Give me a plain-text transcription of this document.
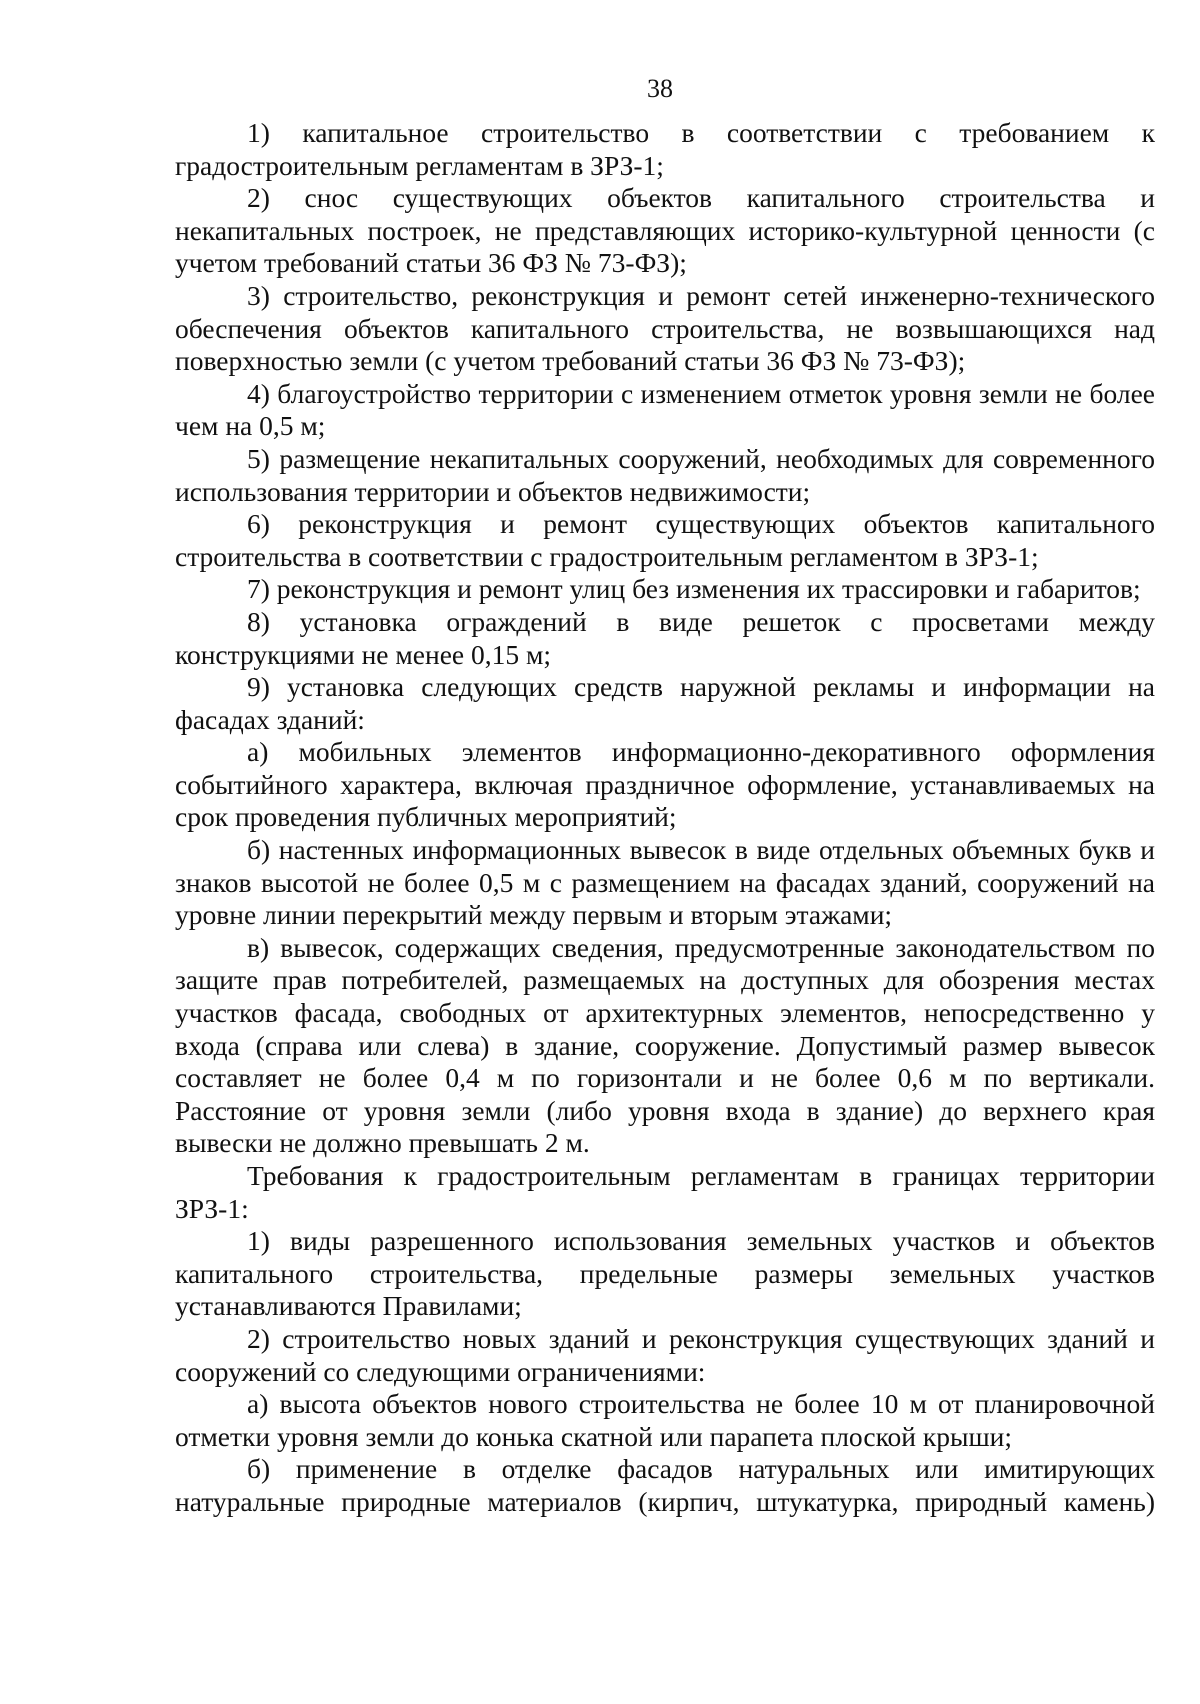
38

1) капитальное строительство в соответствии с требованием к градостроительным регламентам в ЗРЗ-1;

2) снос существующих объектов капитального строительства и некапитальных построек, не представляющих историко-культурной ценности (с учетом требований статьи 36 ФЗ № 73-ФЗ);

3) строительство, реконструкция и ремонт сетей инженерно-технического обеспечения объектов капитального строительства, не возвышающихся над поверхностью земли (с учетом требований статьи 36 ФЗ № 73-ФЗ);

4) благоустройство территории с изменением отметок уровня земли не более чем на 0,5 м;

5) размещение некапитальных сооружений, необходимых для современного использования территории и объектов недвижимости;

6) реконструкция и ремонт существующих объектов капитального строительства в соответствии с градостроительным регламентом в ЗРЗ-1;

7) реконструкция и ремонт улиц без изменения их трассировки и габаритов;

8) установка ограждений в виде решеток с просветами между конструкциями не менее 0,15 м;

9) установка следующих средств наружной рекламы и информации на фасадах зданий:

а) мобильных элементов информационно-декоративного оформления событийного характера, включая праздничное оформление, устанавливаемых на срок проведения публичных мероприятий;

б) настенных информационных вывесок в виде отдельных объемных букв и знаков высотой не более 0,5 м с размещением на фасадах зданий, сооружений на уровне линии перекрытий между первым и вторым этажами;

в) вывесок, содержащих сведения, предусмотренные законодательством по защите прав потребителей, размещаемых на доступных для обозрения местах участков фасада, свободных от архитектурных элементов, непосредственно у входа (справа или слева) в здание, сооружение. Допустимый размер вывесок составляет не более 0,4 м по горизонтали и не более 0,6 м по вертикали. Расстояние от уровня земли (либо уровня входа в здание) до верхнего края вывески не должно превышать 2 м.

Требования к градостроительным регламентам в границах территории ЗРЗ-1:

1) виды разрешенного использования земельных участков и объектов капитального строительства, предельные размеры земельных участков устанавливаются Правилами;

2) строительство новых зданий и реконструкция существующих зданий и сооружений со следующими ограничениями:

а) высота объектов нового строительства не более 10 м от планировочной отметки уровня земли до конька скатной или парапета плоской крыши;

б) применение в отделке фасадов натуральных или имитирующих натуральные природные материалов (кирпич, штукатурка, природный камень)
